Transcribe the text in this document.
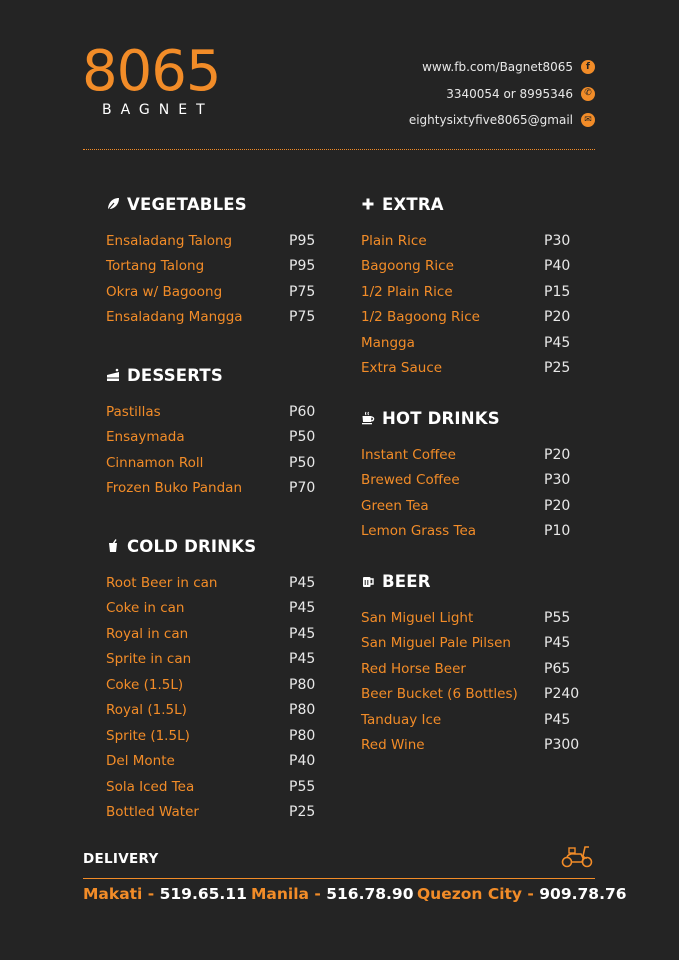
8065
BAGNET
www.fb.com/Bagnet8065	f
3340054 or 8995346	✆
eightysixtyfive8065@gmail	✉
VEGETABLES
Ensaladang Talong	P95
Tortang Talong	P95
Okra w/ Bagoong	P75
Ensaladang Mangga	P75
DESSERTS
Pastillas	P60
Ensaymada	P50
Cinnamon Roll	P50
Frozen Buko Pandan	P70
COLD DRINKS
Root Beer in can	P45
Coke in can	P45
Royal in can	P45
Sprite in can	P45
Coke (1.5L)	P80
Royal (1.5L)	P80
Sprite (1.5L)	P80
Del Monte	P40
Sola Iced Tea	P55
Bottled Water	P25
EXTRA
Plain Rice	P30
Bagoong Rice	P40
1/2 Plain Rice	P15
1/2 Bagoong Rice	P20
Mangga	P45
Extra Sauce	P25
HOT DRINKS
Instant Coffee	P20
Brewed Coffee	P30
Green Tea	P20
Lemon Grass Tea	P10
BEER
San Miguel Light	P55
San Miguel Pale Pilsen P45
Red Horse Beer	P65
Beer Bucket (6 Bottles) P240
Tanduay Ice	P45
Red Wine	P300
DELIVERY
Makati - 519.65.11 Manila - 516.78.90 Quezon City - 909.78.76
